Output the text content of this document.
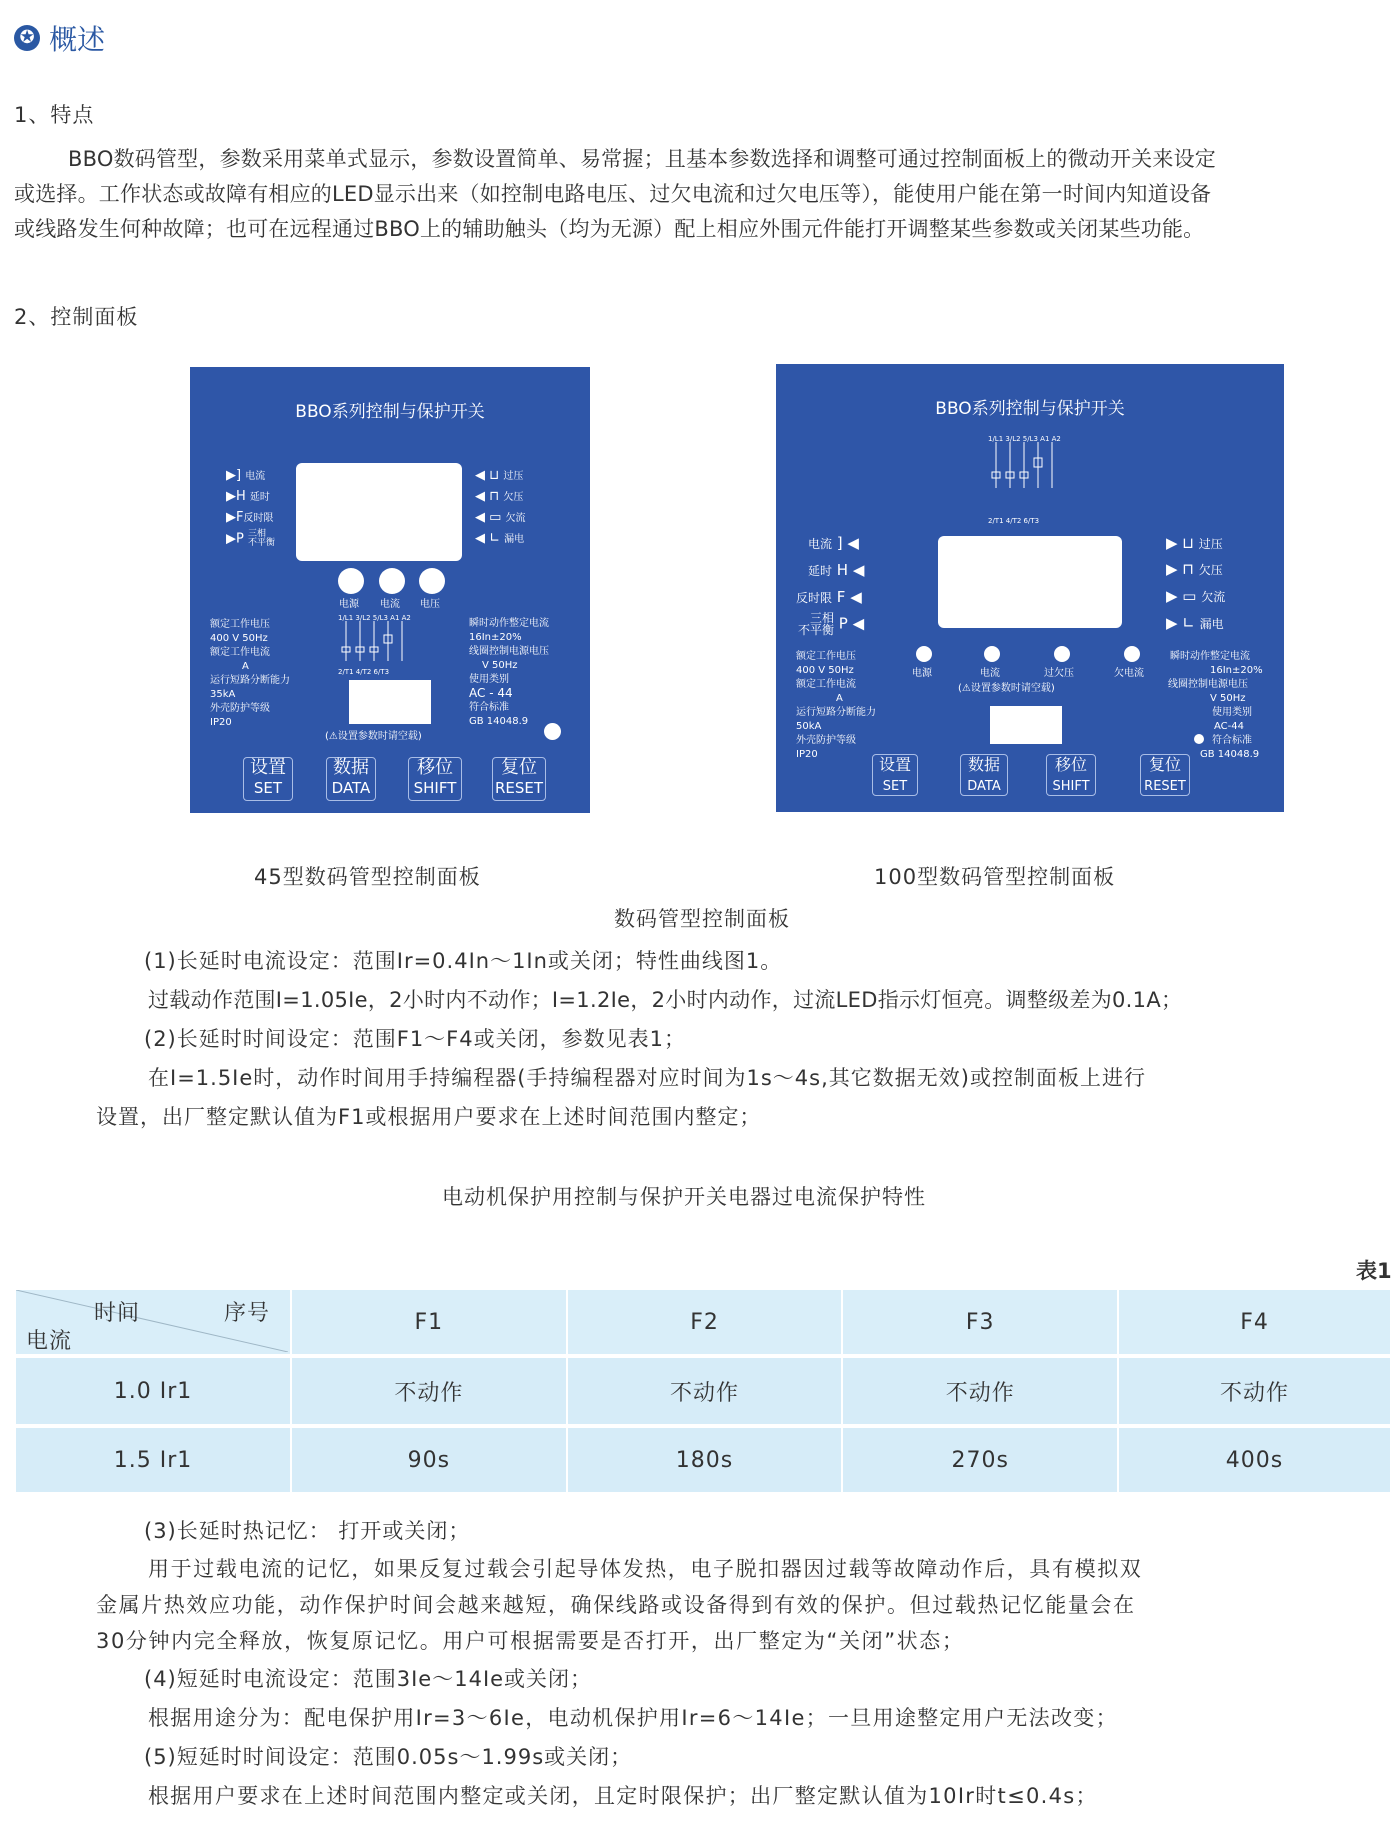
✪ 概述
1、特点
BBO数码管型，参数采用菜单式显示，参数设置简单、易常握；且基本参数选择和调整可通过控制面板上的微动开关来设定
或选择。工作状态或故障有相应的LED显示出来（如控制电路电压、过欠电流和过欠电压等），能使用户能在第一时间内知道设备
或线路发生何种故障；也可在远程通过BBO上的辅助触头（均为无源）配上相应外围元件能打开调整某些参数或关闭某些功能。
2、控制面板
BBO系列控制与保护开关
▶] 电流
▶H 延时
▶F反时限
▶P 三相
不平衡
◀ ⊔ 过压
◀ ⊓ 欠压
◀ ▭ 欠流
◀ ∟ 漏电
电源 电流 电压
额定工作电压
400 V 50Hz
额定工作电流
A
运行短路分断能力
35kA
外壳防护等级
IP20
1/L1 3/L2 5/L3 A1 A2
2/T1 4/T2 6/T3
瞬时动作整定电流
16In±20%
线圈控制电源电压
V 50Hz
使用类别
AC - 44
符合标准
GB 14048.9
(⚠设置参数时请空载)
设置
SET
数据
DATA
移位
SHIFT
复位
RESET
BBO系列控制与保护开关
1/L1 3/L2 5/L3 A1 A2
2/T1 4/T2 6/T3
电流 ] ◀
延时 H ◀
反时限 F ◀
三相
不平衡 P ◀
▶ ⊔ 过压
▶ ⊓ 欠压
▶ ▭ 欠流
▶ ∟ 漏电
电源	电流	过欠压	欠电流
(⚠设置参数时请空载)
额定工作电压
400 V 50Hz
额定工作电流
A
运行短路分断能力
50kA
外壳防护等级
IP20
瞬时动作整定电流
16In±20%
线圈控制电源电压
V 50Hz
使用类别
AC-44
符合标准
GB 14048.9
设置
SET
数据
DATA
移位
SHIFT
复位
RESET
45型数码管型控制面板	100型数码管型控制面板
数码管型控制面板
(1)长延时电流设定：范围Ir=0.4In～1In或关闭；特性曲线图1。
过载动作范围I=1.05Ie，2小时内不动作；I=1.2Ie，2小时内动作，过流LED指示灯恒亮。调整级差为0.1A；
(2)长延时时间设定：范围F1～F4或关闭，参数见表1；
在I=1.5Ie时，动作时间用手持编程器(手持编程器对应时间为1s～4s,其它数据无效)或控制面板上进行
设置，出厂整定默认值为F1或根据用户要求在上述时间范围内整定；
电动机保护用控制与保护开关电器过电流保护特性
表1
时间 序号
电流	F1	F2	F3	F4
1.0 Ir1	不动作	不动作	不动作	不动作
1.5 Ir1	90s	180s	270s	400s
(3)长延时热记忆： 打开或关闭；
用于过载电流的记忆，如果反复过载会引起导体发热，电子脱扣器因过载等故障动作后，具有模拟双
金属片热效应功能，动作保护时间会越来越短，确保线路或设备得到有效的保护。但过载热记忆能量会在
30分钟内完全释放，恢复原记忆。用户可根据需要是否打开，出厂整定为“关闭”状态；
(4)短延时电流设定：范围3Ie～14Ie或关闭；
根据用途分为：配电保护用Ir=3～6Ie，电动机保护用Ir=6～14Ie；一旦用途整定用户无法改变；
(5)短延时时间设定：范围0.05s～1.99s或关闭；
根据用户要求在上述时间范围内整定或关闭，且定时限保护；出厂整定默认值为10Ir时t≤0.4s；
